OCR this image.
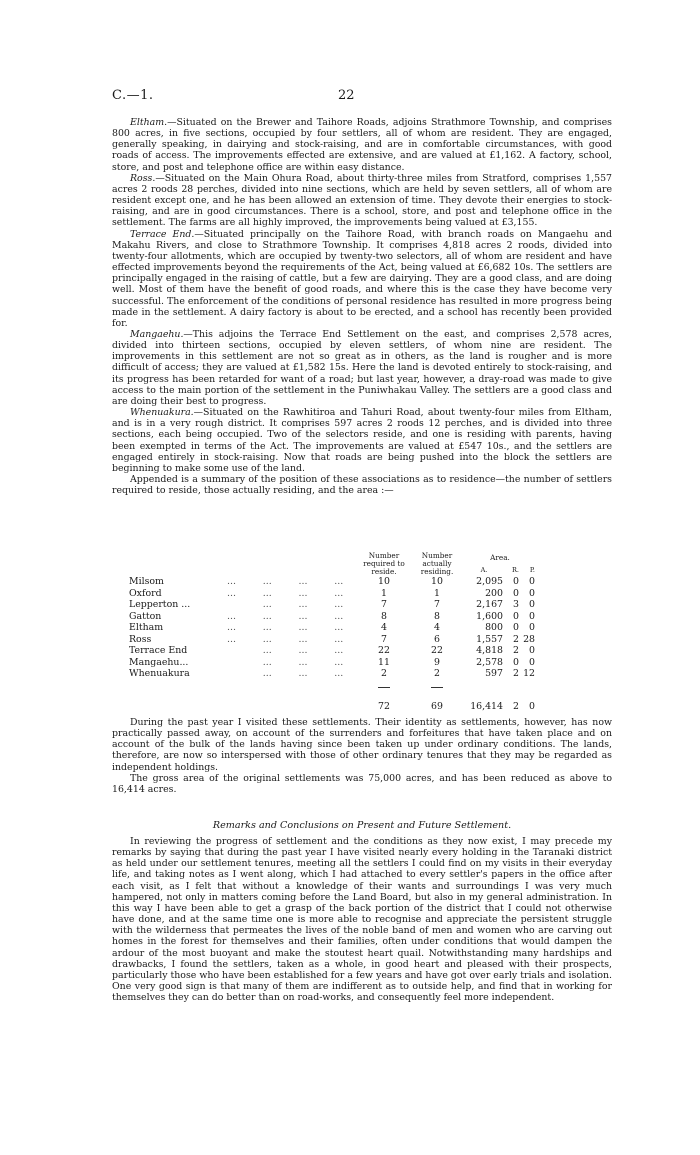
C.—1.	22

Eltham.—Situated on the Brewer and Taihore Roads, adjoins Strathmore Township, and comprises 800 acres, in five sections, occupied by four settlers, all of whom are resident. They are engaged, generally speaking, in dairying and stock-raising, and are in comfortable circumstances, with good roads of access. The improvements effected are extensive, and are valued at £1,162. A factory, school, store, and post and telephone office are within easy distance.

Ross.—Situated on the Main Ohura Road, about thirty-three miles from Stratford, comprises 1,557 acres 2 roods 28 perches, divided into nine sections, which are held by seven settlers, all of whom are resident except one, and he has been allowed an extension of time. They devote their energies to stock-raising, and are in good circumstances. There is a school, store, and post and telephone office in the settlement. The farms are all highly improved, the improvements being valued at £3,155.

Terrace End.—Situated principally on the Taihore Road, with branch roads on Mangaehu and Makahu Rivers, and close to Strathmore Township. It comprises 4,818 acres 2 roods, divided into twenty-four allotments, which are occupied by twenty-two selectors, all of whom are resident and have effected improvements beyond the requirements of the Act, being valued at £6,682 10s. The settlers are principally engaged in the raising of cattle, but a few are dairying. They are a good class, and are doing well. Most of them have the benefit of good roads, and where this is the case they have become very successful. The enforcement of the conditions of personal residence has resulted in more progress being made in the settlement. A dairy factory is about to be erected, and a school has recently been provided for.

Mangaehu.—This adjoins the Terrace End Settlement on the east, and comprises 2,578 acres, divided into thirteen sections, occupied by eleven settlers, of whom nine are resident. The improvements in this settlement are not so great as in others, as the land is rougher and is more difficult of access; they are valued at £1,582 15s. Here the land is devoted entirely to stock-raising, and its progress has been retarded for want of a road; but last year, however, a dray-road was made to give access to the main portion of the settlement in the Puniwhakau Valley. The settlers are a good class and are doing their best to progress.

Whenuakura.—Situated on the Rawhitiroa and Tahuri Road, about twenty-four miles from Eltham, and is in a very rough district. It comprises 597 acres 2 roods 12 perches, and is divided into three sections, each being occupied. Two of the selectors reside, and one is residing with parents, having been exempted in terms of the Act. The improvements are valued at £547 10s., and the settlers are engaged entirely in stock-raising. Now that roads are being pushed into the block the settlers are beginning to make some use of the land.

Appended is a summary of the position of these associations as to residence—the number of settlers required to reside, those actually residing, and the area :—

		Number required to reside.	Number actually residing.	Area.		
				A.	R.	P.
Milsom	...         ...         ...         ...	10	10	2,095	0	0
Oxford	...         ...         ...         ...	1	1	200	0	0
Lepperton ...	...         ...         ...	7	7	2,167	3	0
Gatton	...         ...         ...         ...	8	8	1,600	0	0
Eltham	...         ...         ...         ...	4	4	800	0	0
Ross	...         ...         ...         ...	7	6	1,557	2	28
Terrace End	...         ...         ...	22	22	4,818	2	0
Mangaehu...	...         ...         ...	11	9	2,578	0	0
Whenuakura	...         ...         ...	2	2	597	2	12

		72	69	16,414	2	0

During the past year I visited these settlements. Their identity as settlements, however, has now practically passed away, on account of the surrenders and forfeitures that have taken place and on account of the bulk of the lands having since been taken up under ordinary conditions. The lands, therefore, are now so interspersed with those of other ordinary tenures that they may be regarded as independent holdings.

The gross area of the original settlements was 75,000 acres, and has been reduced as above to 16,414 acres.

Remarks and Conclusions on Present and Future Settlement.

In reviewing the progress of settlement and the conditions as they now exist, I may precede my remarks by saying that during the past year I have visited nearly every holding in the Taranaki district as held under our settlement tenures, meeting all the settlers I could find on my visits in their everyday life, and taking notes as I went along, which I had attached to every settler's papers in the office after each visit, as I felt that without a knowledge of their wants and surroundings I was very much hampered, not only in matters coming before the Land Board, but also in my general administration. In this way I have been able to get a grasp of the back portion of the district that I could not otherwise have done, and at the same time one is more able to recognise and appreciate the persistent struggle with the wilderness that permeates the lives of the noble band of men and women who are carving out homes in the forest for themselves and their families, often under conditions that would dampen the ardour of the most buoyant and make the stoutest heart quail. Notwithstanding many hardships and drawbacks, I found the settlers, taken as a whole, in good heart and pleased with their prospects, particularly those who have been established for a few years and have got over early trials and isolation. One very good sign is that many of them are indifferent as to outside help, and find that in working for themselves they can do better than on road-works, and consequently feel more independent.
